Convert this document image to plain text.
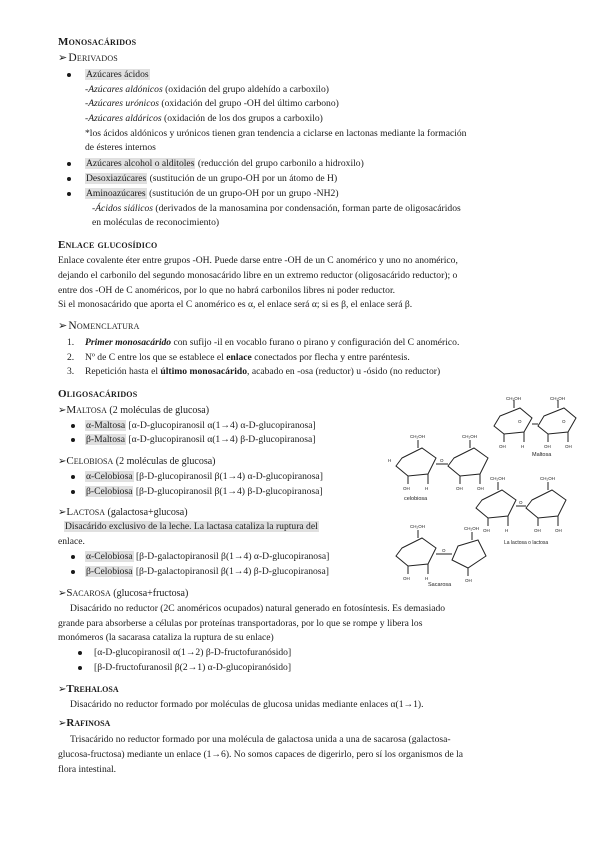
Monosacáridos
➢Derivados
Azúcares ácidos
-Azúcares aldónicos (oxidación del grupo aldehído a carboxilo)
-Azúcares urónicos (oxidación del grupo -OH del último carbono)
-Azúcares aldáricos (oxidación de los dos grupos a carboxilo)
*los ácidos aldónicos y urónicos tienen gran tendencia a ciclarse en lactonas mediante la formación
de ésteres internos
Azúcares alcohol o alditoles (reducción del grupo carbonilo a hidroxilo)
Desoxiazúcares (sustitución de un grupo-OH por un átomo de H)
Aminoazúcares (sustitución de un grupo-OH por un grupo -NH2)
-Ácidos siálicos (derivados de la manosamina por condensación, forman parte de oligosacáridos
en moléculas de reconocimiento)
Enlace glucosídico
Enlace covalente éter entre grupos -OH. Puede darse entre -OH de un C anomérico y uno no anomérico,
dejando el carbonilo del segundo monosacárido libre en un extremo reductor (oligosacárido reductor); o
entre dos -OH de C anoméricos, por lo que no habrá carbonilos libres ni poder reductor.
Si el monosacárido que aporta el C anomérico es α, el enlace será α; si es β, el enlace será β.
➢Nomenclatura
1. Primer monosacárido con sufijo -il en vocablo furano o pirano y configuración del C anomérico.
2. Nº de C entre los que se establece el enlace conectados por flecha y entre paréntesis.
3. Repetición hasta el último monosacárido, acabado en -osa (reductor) u -ósido (no reductor)
Oligosacáridos
➢Maltosa (2 moléculas de glucosa)
α-Maltosa [α-D-glucopiranosil α(1→4) α-D-glucopiranosa]
β-Maltosa [α-D-glucopiranosil α(1→4) β-D-glucopiranosa]
➢Celobiosa (2 moléculas de glucosa)
α-Celobiosa [β-D-glucopiranosil β(1→4) α-D-glucopiranosa]
β-Celobiosa [β-D-glucopiranosil β(1→4) β-D-glucopiranosa]
➢Lactosa (galactosa+glucosa)
Disacárido exclusivo de la leche. La lactasa cataliza la ruptura del
enlace.
α-Celobiosa [β-D-galactopiranosil β(1→4) α-D-glucopiranosa]
β-Celobiosa [β-D-galactopiranosil β(1→4) β-D-glucopiranosa]
➢Sacarosa (glucosa+fructosa)
Disacárido no reductor (2C anoméricos ocupados) natural generado en fotosíntesis. Es demasiado
grande para absorberse a células por proteínas transportadoras, por lo que se rompe y libera los
monómeros (la sacarasa cataliza la ruptura de su enlace)
[α-D-glucopiranosil α(1→2) β-D-fructofuranósido]
[β-D-fructofuranosil β(2→1) α-D-glucopiranósido]
➢Trehalosa
Disacárido no reductor formado por moléculas de glucosa unidas mediante enlaces α(1→1).
➢Rafinosa
Trisacárido no reductor formado por una molécula de galactosa unida a una de sacarosa (galactosa-
glucosa-fructosa) mediante un enlace (1→6). No somos capaces de digerirlo, pero sí los organismos de la
flora intestinal.
CH₂OH	CH₂OH
O	O
OH	H	OH	OH
CH₂OH	CH₂OH
O
H
OH	H	OH	OH
CH₂OH	CH₂OH
O
OH	H	OH	OH
CH₂OH	CH₂OH
O
OH	H	OH
Maltosa
celobiosa
La lactosa o lactosa
Sacarosa
